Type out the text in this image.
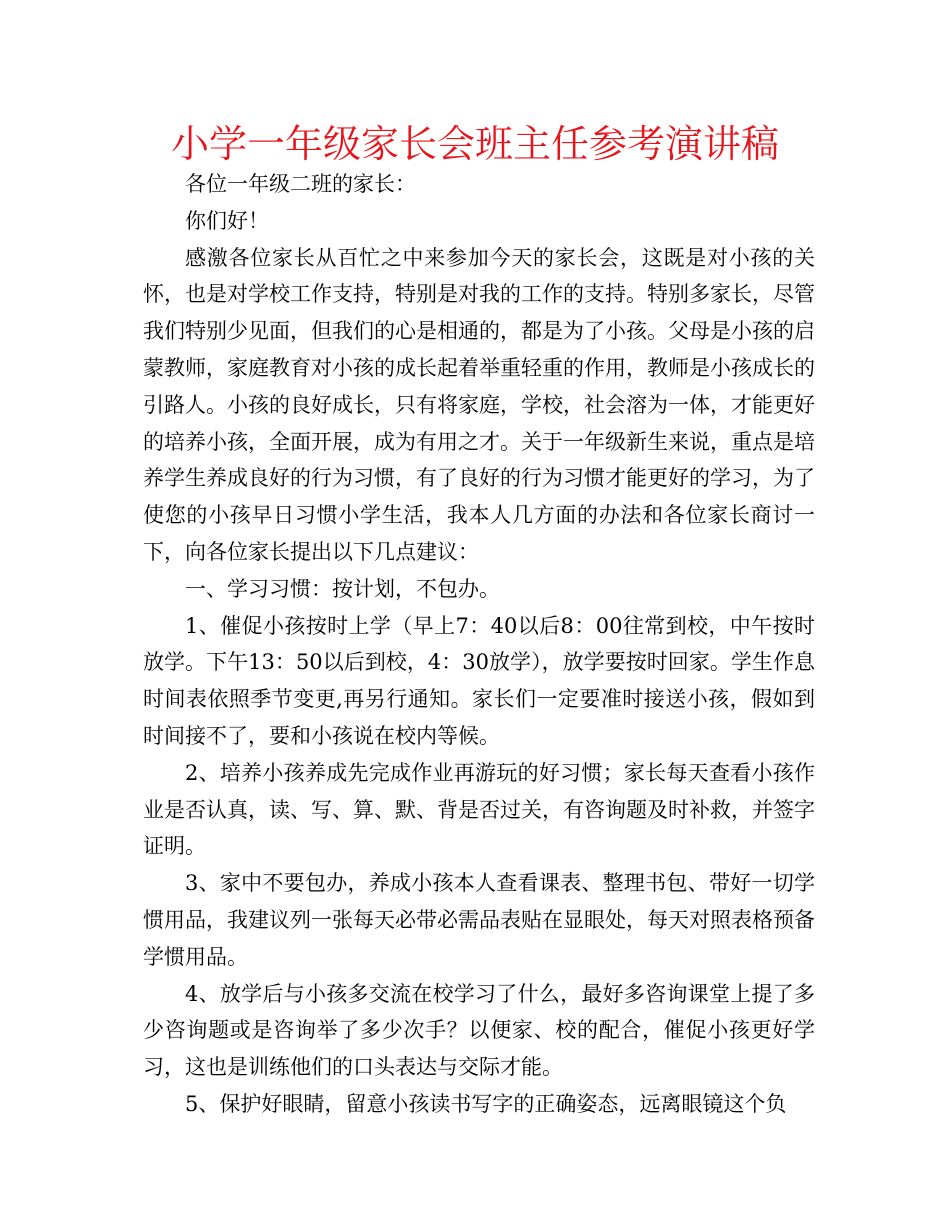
小学一年级家长会班主任参考演讲稿

各位一年级二班的家长：

你们好！

感激各位家长从百忙之中来参加今天的家长会，这既是对小孩的关怀，也是对学校工作支持，特别是对我的工作的支持。特别多家长，尽管我们特别少见面，但我们的心是相通的，都是为了小孩。父母是小孩的启蒙教师，家庭教育对小孩的成长起着举重轻重的作用，教师是小孩成长的引路人。小孩的良好成长，只有将家庭，学校，社会溶为一体，才能更好的培养小孩，全面开展，成为有用之才。关于一年级新生来说，重点是培养学生养成良好的行为习惯，有了良好的行为习惯才能更好的学习，为了使您的小孩早日习惯小学生活，我本人几方面的办法和各位家长商讨一下，向各位家长提出以下几点建议：

一、学习习惯：按计划，不包办。

1、催促小孩按时上学（早上7：40以后8：00往常到校，中午按时放学。下午13：50以后到校，4：30放学），放学要按时回家。学生作息时间表依照季节变更,再另行通知。家长们一定要准时接送小孩，假如到时间接不了，要和小孩说在校内等候。

2、培养小孩养成先完成作业再游玩的好习惯；家长每天查看小孩作业是否认真，读、写、算、默、背是否过关，有咨询题及时补救，并签字证明。

3、家中不要包办，养成小孩本人查看课表、整理书包、带好一切学惯用品，我建议列一张每天必带必需品表贴在显眼处，每天对照表格预备学惯用品。

4、放学后与小孩多交流在校学习了什么，最好多咨询课堂上提了多少咨询题或是咨询举了多少次手？以便家、校的配合，催促小孩更好学习，这也是训练他们的口头表达与交际才能。

5、保护好眼睛，留意小孩读书写字的正确姿态，远离眼镜这个负
